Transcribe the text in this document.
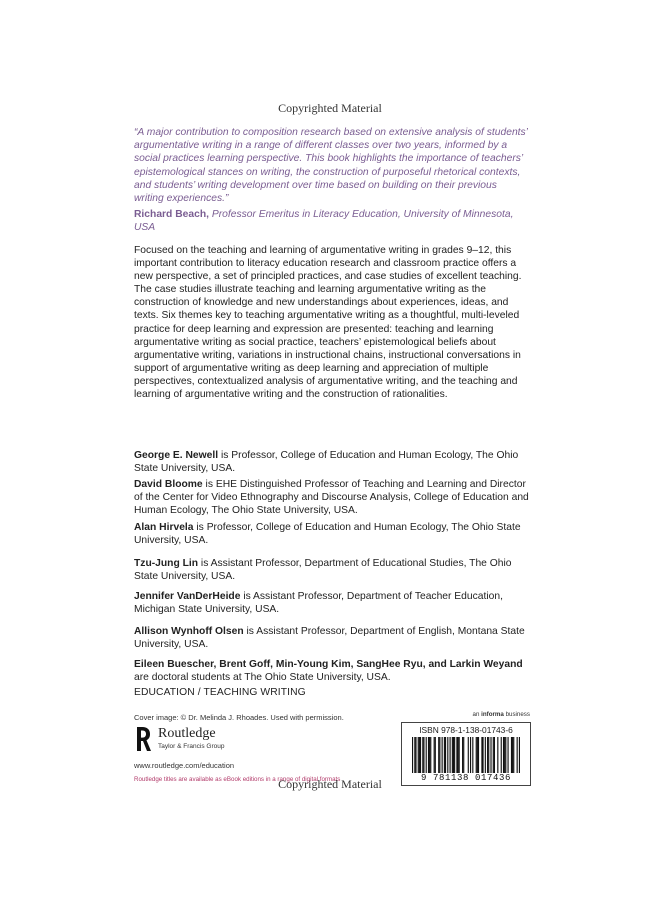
Copyrighted Material
“A major contribution to composition research based on extensive analysis of students’ argumentative writing in a range of different classes over two years, informed by a social practices learning perspective. This book highlights the importance of teachers’ epistemological stances on writing, the construction of purposeful rhetorical contexts, and students’ writing development over time based on building on their previous writing experiences.”
Richard Beach, Professor Emeritus in Literacy Education, University of Minnesota, USA
Focused on the teaching and learning of argumentative writing in grades 9–12, this important contribution to literacy education research and classroom practice offers a new perspective, a set of principled practices, and case studies of excellent teaching. The case studies illustrate teaching and learning argumentative writing as the construction of knowledge and new understandings about experiences, ideas, and texts. Six themes key to teaching argumentative writing as a thoughtful, multi-leveled practice for deep learning and expression are presented: teaching and learning argumentative writing as social practice, teachers’ epistemological beliefs about argumentative writing, variations in instructional chains, instructional conversations in support of argumentative writing as deep learning and appreciation of multiple perspectives, contextualized analysis of argumentative writing, and the teaching and learning of argumentative writing and the construction of rationalities.
George E. Newell is Professor, College of Education and Human Ecology, The Ohio State University, USA.
David Bloome is EHE Distinguished Professor of Teaching and Learning and Director of the Center for Video Ethnography and Discourse Analysis, College of Education and Human Ecology, The Ohio State University, USA.
Alan Hirvela is Professor, College of Education and Human Ecology, The Ohio State University, USA.
Tzu-Jung Lin is Assistant Professor, Department of Educational Studies, The Ohio State University, USA.
Jennifer VanDerHeide is Assistant Professor, Department of Teacher Education, Michigan State University, USA.
Allison Wynhoff Olsen is Assistant Professor, Department of English, Montana State University, USA.
Eileen Buescher, Brent Goff, Min-Young Kim, SangHee Ryu, and Larkin Weyand are doctoral students at The Ohio State University, USA.
EDUCATION / TEACHING WRITING
Cover image: © Dr. Melinda J. Rhoades. Used with permission.
Routledge
Taylor & Francis Group
www.routledge.com/education
Routledge titles are available as eBook editions in a range of digital formats
an informa business
ISBN 978-1-138-01743-6
9 781138 017436
Copyrighted Material
